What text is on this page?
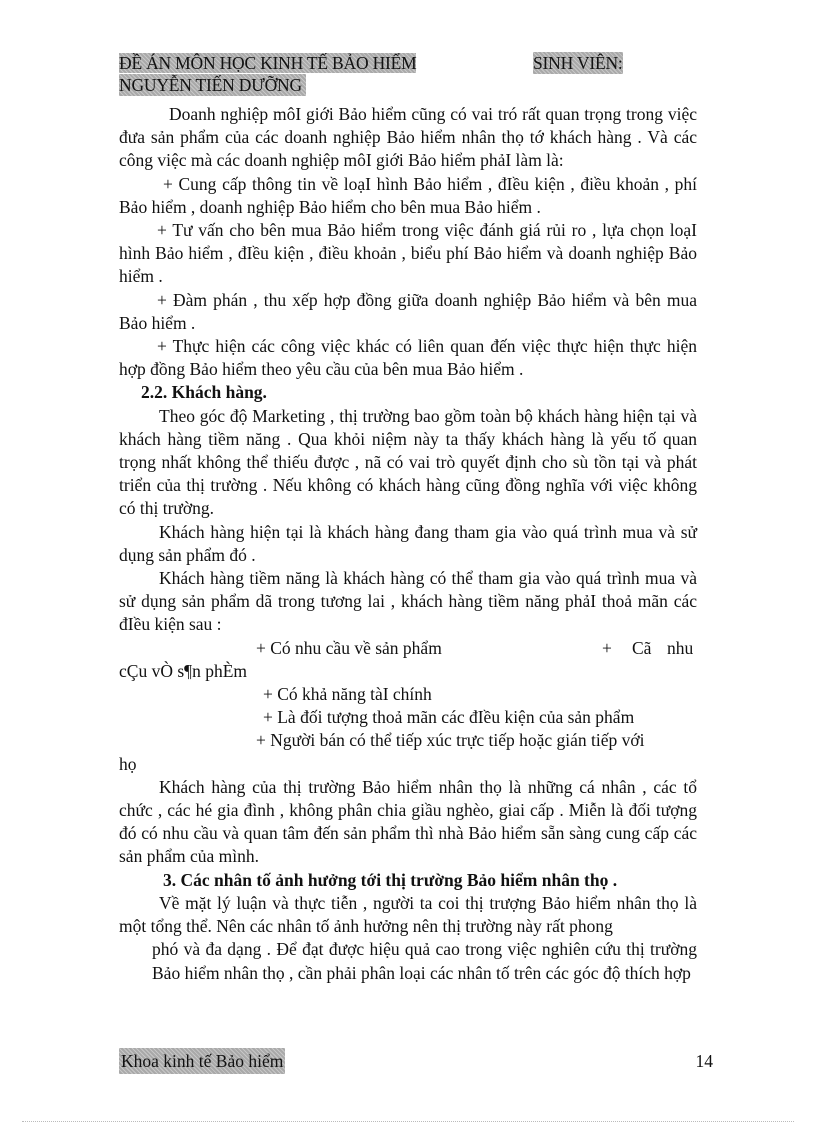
ĐỀ ÁN MÔN HỌC KINH TẾ BẢO HIỂM	SINH VIÊN:
NGUYỄN TIẾN DƯỠNG

Doanh nghiệp môI giới Bảo hiểm cũng có vai tró rất quan trọng trong việc đưa sản phẩm của các doanh nghiệp Bảo hiểm nhân thọ tớ khách hàng . Và các công việc mà các doanh nghiệp môI giới Bảo hiểm phảI làm là:

+ Cung cấp thông tin về loạI hình Bảo hiểm , đIều kiện , điều khoản , phí Bảo hiểm , doanh nghiệp Bảo hiểm cho bên mua Bảo hiểm .

+ Tư vấn cho bên mua Bảo hiểm trong việc đánh giá rủi ro , lựa chọn loạI hình Bảo hiểm , đIều kiện , điều khoản , biểu phí Bảo hiểm và doanh nghiệp Bảo hiểm .

+ Đàm phán , thu xếp hợp đồng giữa doanh nghiệp Bảo hiểm và bên mua Bảo hiểm .

+ Thực hiện các công việc khác có liên quan đến việc thực hiện thực hiện hợp đồng Bảo hiểm theo yêu cầu của bên mua Bảo hiểm .

2.2. Khách hàng.

Theo góc độ Marketing , thị trường bao gồm toàn bộ khách hàng hiện tại và khách hàng tiềm năng . Qua khỏi niệm này ta thấy khách hàng là yếu tố quan trọng nhất không thể thiếu được , nã có vai trò quyết định cho sù tồn tại và phát triển của thị trường . Nếu không có khách hàng cũng đồng nghĩa với việc không có thị trường.

Khách hàng hiện tại là khách hàng đang tham gia vào quá trình mua và sử dụng sản phẩm đó .

Khách hàng tiềm năng là khách hàng có thể tham gia vào quá trình mua và sử dụng sản phẩm dã trong tương lai , khách hàng tiềm năng phảI thoả mãn các đIều kiện sau :

+ Có nhu cầu về sản phẩm	+ Cã nhu

cÇu vÒ s¶n phÈm

+ Có khả năng tàI chính

+ Là đối tượng thoả mãn các đIều kiện của sản phẩm

+ Người bán có thể tiếp xúc trực tiếp hoặc gián tiếp với

họ

Khách hàng của thị trường Bảo hiểm nhân thọ là những cá nhân , các tổ chức , các hé gia đình , không phân chia giầu nghèo, giai cấp . Miễn là đối tượng đó có nhu cầu và quan tâm đến sản phẩm thì nhà Bảo hiểm sẵn sàng cung cấp các sản phẩm của mình.

3. Các nhân tố ảnh hưởng tới thị trường Bảo hiểm nhân thọ .

Về mặt lý luận và thực tiễn , người ta coi thị trượng Bảo hiểm nhân thọ là một tổng thể. Nên các nhân tố ảnh hưởng nên thị trường này rất phong

phó và đa dạng . Để đạt được hiệu quả cao trong việc nghiên cứu thị trường Bảo hiểm nhân thọ , cần phải phân loại các nhân tố trên các góc độ thích hợp

Khoa kinh tế Bảo hiểm	14
